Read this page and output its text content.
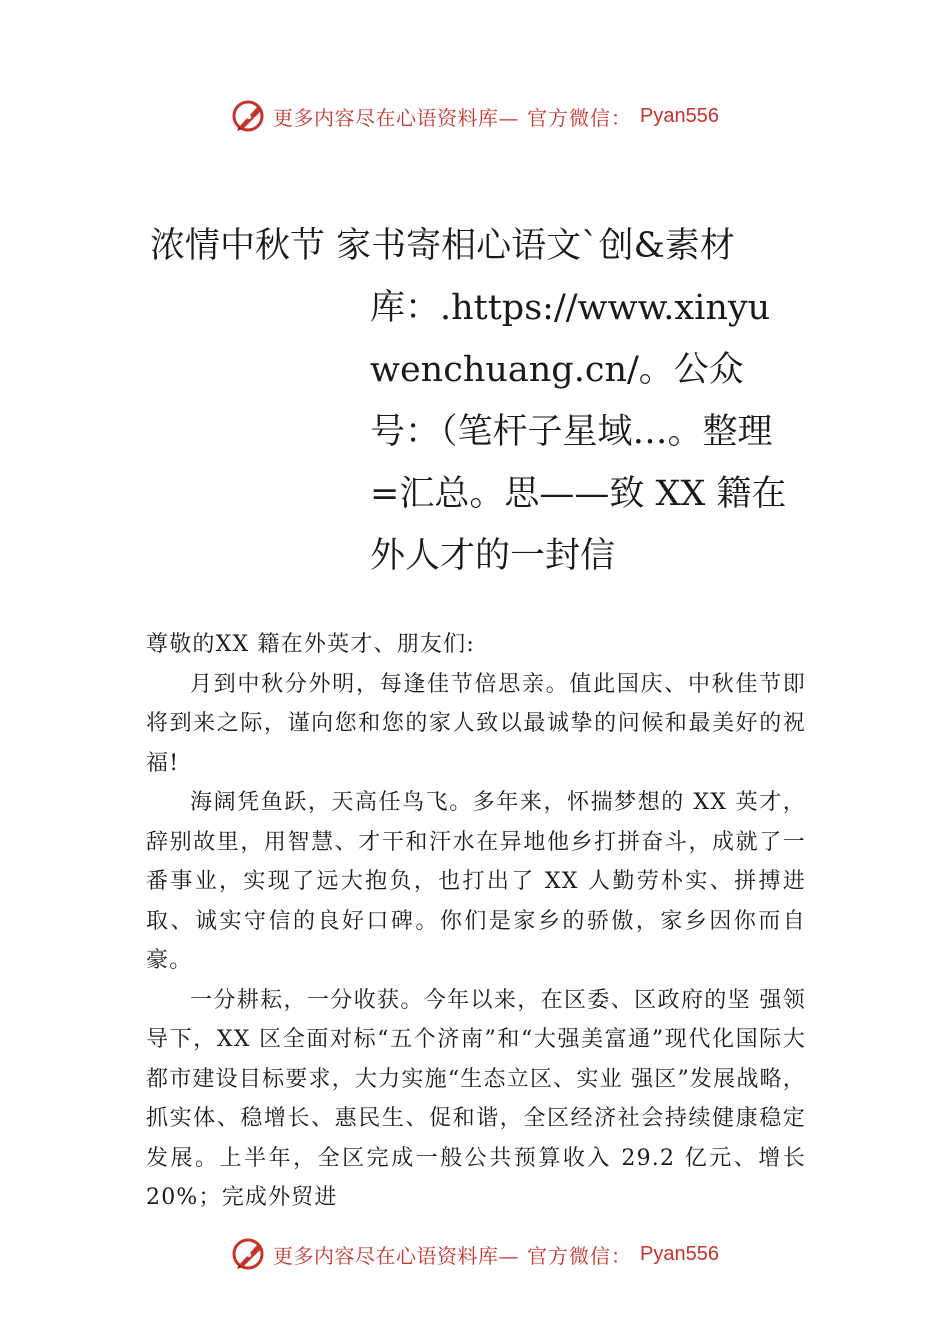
更多内容尽在心语资料库— 官方微信： Pyan556
浓情中秋节 家书寄相心语文`创&素材
库：.https://www.xinyuwenchuang.cn/。公众号：（笔杆子星域…。整理=汇总。思——致 XX 籍在外人才的一封信

尊敬的XX 籍在外英才、朋友们:

月到中秋分外明，每逢佳节倍思亲。值此国庆、中秋佳节即将到来之际，谨向您和您的家人致以最诚挚的问候和最美好的祝福!

海阔凭鱼跃，天高任鸟飞。多年来，怀揣梦想的 XX 英才，辞别故里，用智慧、才干和汗水在异地他乡打拼奋斗，成就了一番事业，实现了远大抱负，也打出了 XX 人勤劳朴实、拼搏进取、诚实守信的良好口碑。你们是家乡的骄傲，家乡因你而自豪。

一分耕耘，一分收获。今年以来，在区委、区政府的坚 强领导下，XX 区全面对标“五个济南”和“大强美富通”现代化国际大都市建设目标要求，大力实施“生态立区、实业 强区”发展战略，抓实体、稳增长、惠民生、促和谐，全区经济社会持续健康稳定发展。上半年，全区完成一般公共预算收入 29.2 亿元、增长 20%；完成外贸进

更多内容尽在心语资料库— 官方微信： Pyan556
